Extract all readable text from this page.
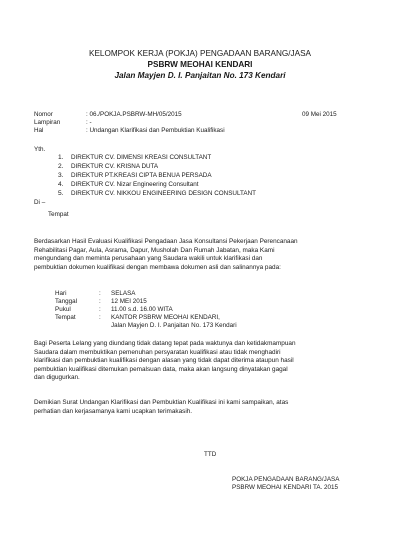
KELOMPOK KERJA (POKJA) PENGADAAN BARANG/JASA
PSBRW MEOHAI KENDARI
Jalan Mayjen D. I. Panjaitan No. 173 Kendari
Nomor	: 06./POKJA.PSBRW-MH/05/2015	09 Mei 2015
Lampiran	: -
Hal	: Undangan Klarifikasi dan Pembuktian Kualifikasi
Yth.
1. DIREKTUR CV. DIMENSI KREASI CONSULTANT
2. DIREKTUR CV. KRISNA DUTA
3. DIREKTUR PT.KREASI CIPTA BENUA PERSADA
4. DIREKTUR CV. Nizar Engineering Consultant
5. DIREKTUR CV. NIKKOU ENGINEERING DESIGN CONSULTANT
Di –
Tempat
Berdasarkan Hasil Evaluasi Kualifikasi Pengadaan Jasa Konsultansi Pekerjaan Perencanaan
Rehabilitasi Pagar, Aula, Asrama, Dapur, Musholah Dan Rumah Jabatan, maka Kami
mengundang dan meminta perusahaan yang Saudara wakili untuk klarifikasi dan
pembuktian dokumen kualifikasi dengan membawa dokumen asli dan salinannya pada:
Hari	: SELASA
Tanggal	: 12 MEI 2015
Pukul	: 11.00 s.d. 16.00 WITA
Tempat	: KANTOR PSBRW MEOHAI KENDARI,
Jalan Mayjen D. I. Panjaitan No. 173 Kendari
Bagi Peserta Lelang yang diundang tidak datang tepat pada waktunya dan ketidakmampuan
Saudara dalam membuktikan pemenuhan persyaratan kualifikasi atau tidak menghadiri
klarifikasi dan pembuktian kualifikasi dengan alasan yang tidak dapat diterima ataupun hasil
pembuktian kualifikasi ditemukan pemalsuan data, maka akan langsung dinyatakan gagal
dan digugurkan.
Demikian Surat Undangan Klarifikasi dan Pembuktian Kualifikasi ini kami sampaikan, atas
perhatian dan kerjasamanya kami ucapkan terimakasih.
TTD
POKJA PENGADAAN BARANG/JASA
PSBRW MEOHAI KENDARI TA. 2015
